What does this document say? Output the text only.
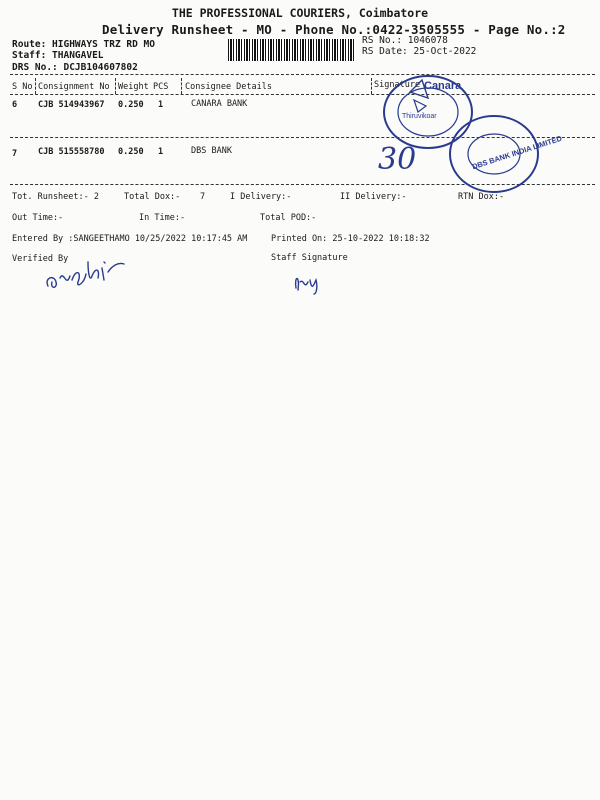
THE PROFESSIONAL COURIERS, Coimbatore
Delivery Runsheet - MO - Phone No.:0422-3505555 - Page No.:2
Route: HIGHWAYS TRZ RD MO
Staff: THANGAVEL
DRS No.: DCJB104607802
RS No.: 1046078
RS Date: 25-Oct-2022
S No Consignment No Weight PCS Consignee Details	Signature
6 CJB 514943967 0.250 1	CANARA BANK
7 CJB 515558780 0.250 1	DBS BANK
Canara
Thiruvikoar
DBS BANK INDIA LIMITED
30
Tot. Runsheet:- 2	Total Dox:- 7	I Delivery:-	II Delivery:-	RTN Dox:-
Out Time:-	In Time:-	Total POD:-
Entered By :SANGEETHAMO 10/25/2022 10:17:45 AM	Printed On: 25-10-2022 10:18:32
Verified By	Staff Signature
